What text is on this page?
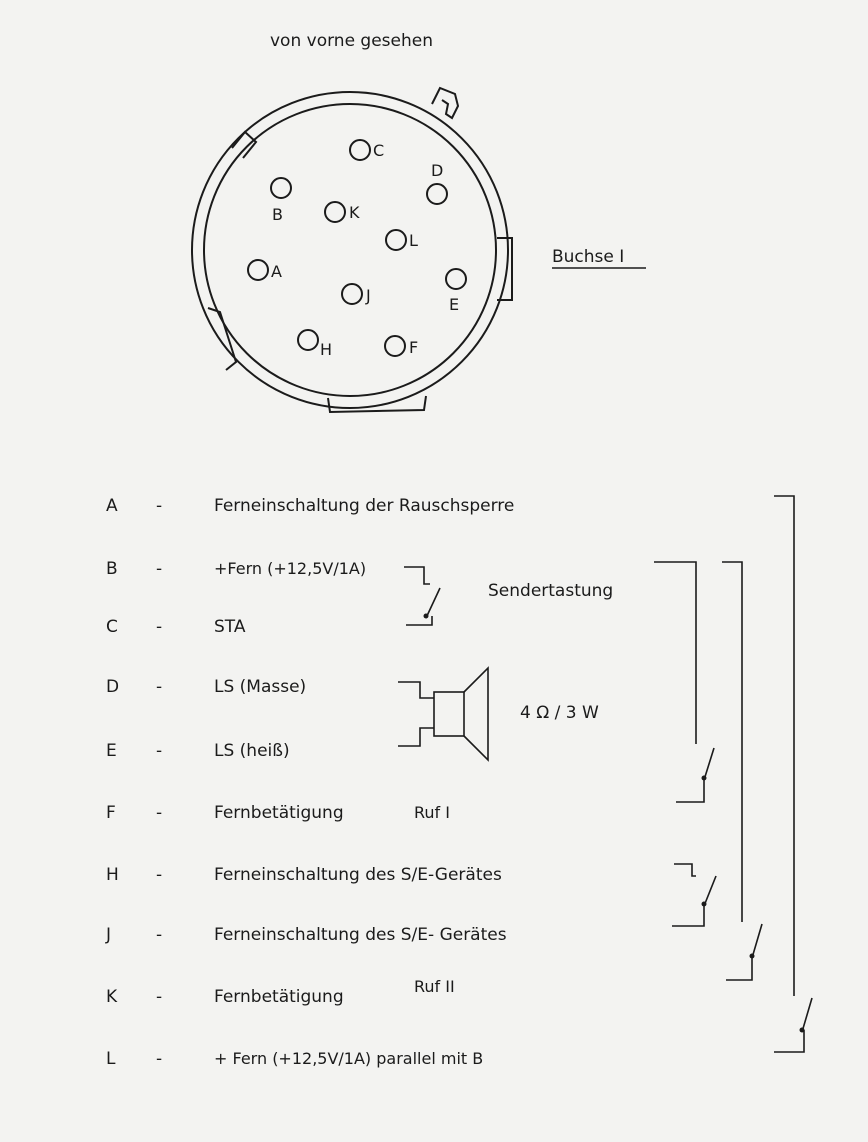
von vorne gesehen
C
D
B	K
L
A
E
J
H	F
Buchse I
A -	Ferneinschaltung der Rauschsperre
B -	+Fern (+12,5V/1A)
C -	STA
D -	LS (Masse)
E -	LS (heiß)
F -	Fernbetätigung
H -	Ferneinschaltung des S/E-Gerätes
J	-	Ferneinschaltung des S/E- Gerätes
K -	Fernbetätigung
L -	+ Fern (+12,5V/1A) parallel mit B
Sendertastung
4 Ω / 3 W
Ruf I
Ruf II
